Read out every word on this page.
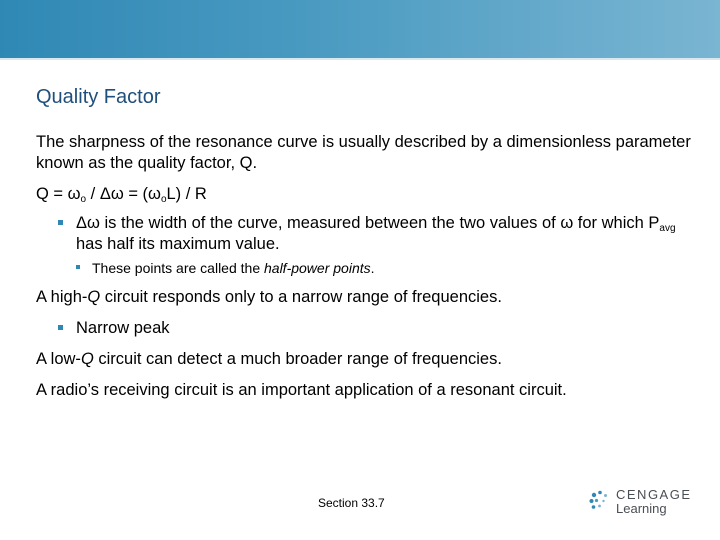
Quality Factor

The sharpness of the resonance curve is usually described by a dimensionless parameter known as the quality factor, Q.

$Q = \omega_o / \Delta\omega = (\omega_oL) / R$

Δω is the width of the curve, measured between the two values of ω for which $P_{avg}$ has half its maximum value.
These points are called the half-power points.

A high-Q circuit responds only to a narrow range of frequencies.

Narrow peak

A low-Q circuit can detect a much broader range of frequencies.

A radio’s receiving circuit is an important application of a resonant circuit.

Section 33.7
CENGAGE
Learning
